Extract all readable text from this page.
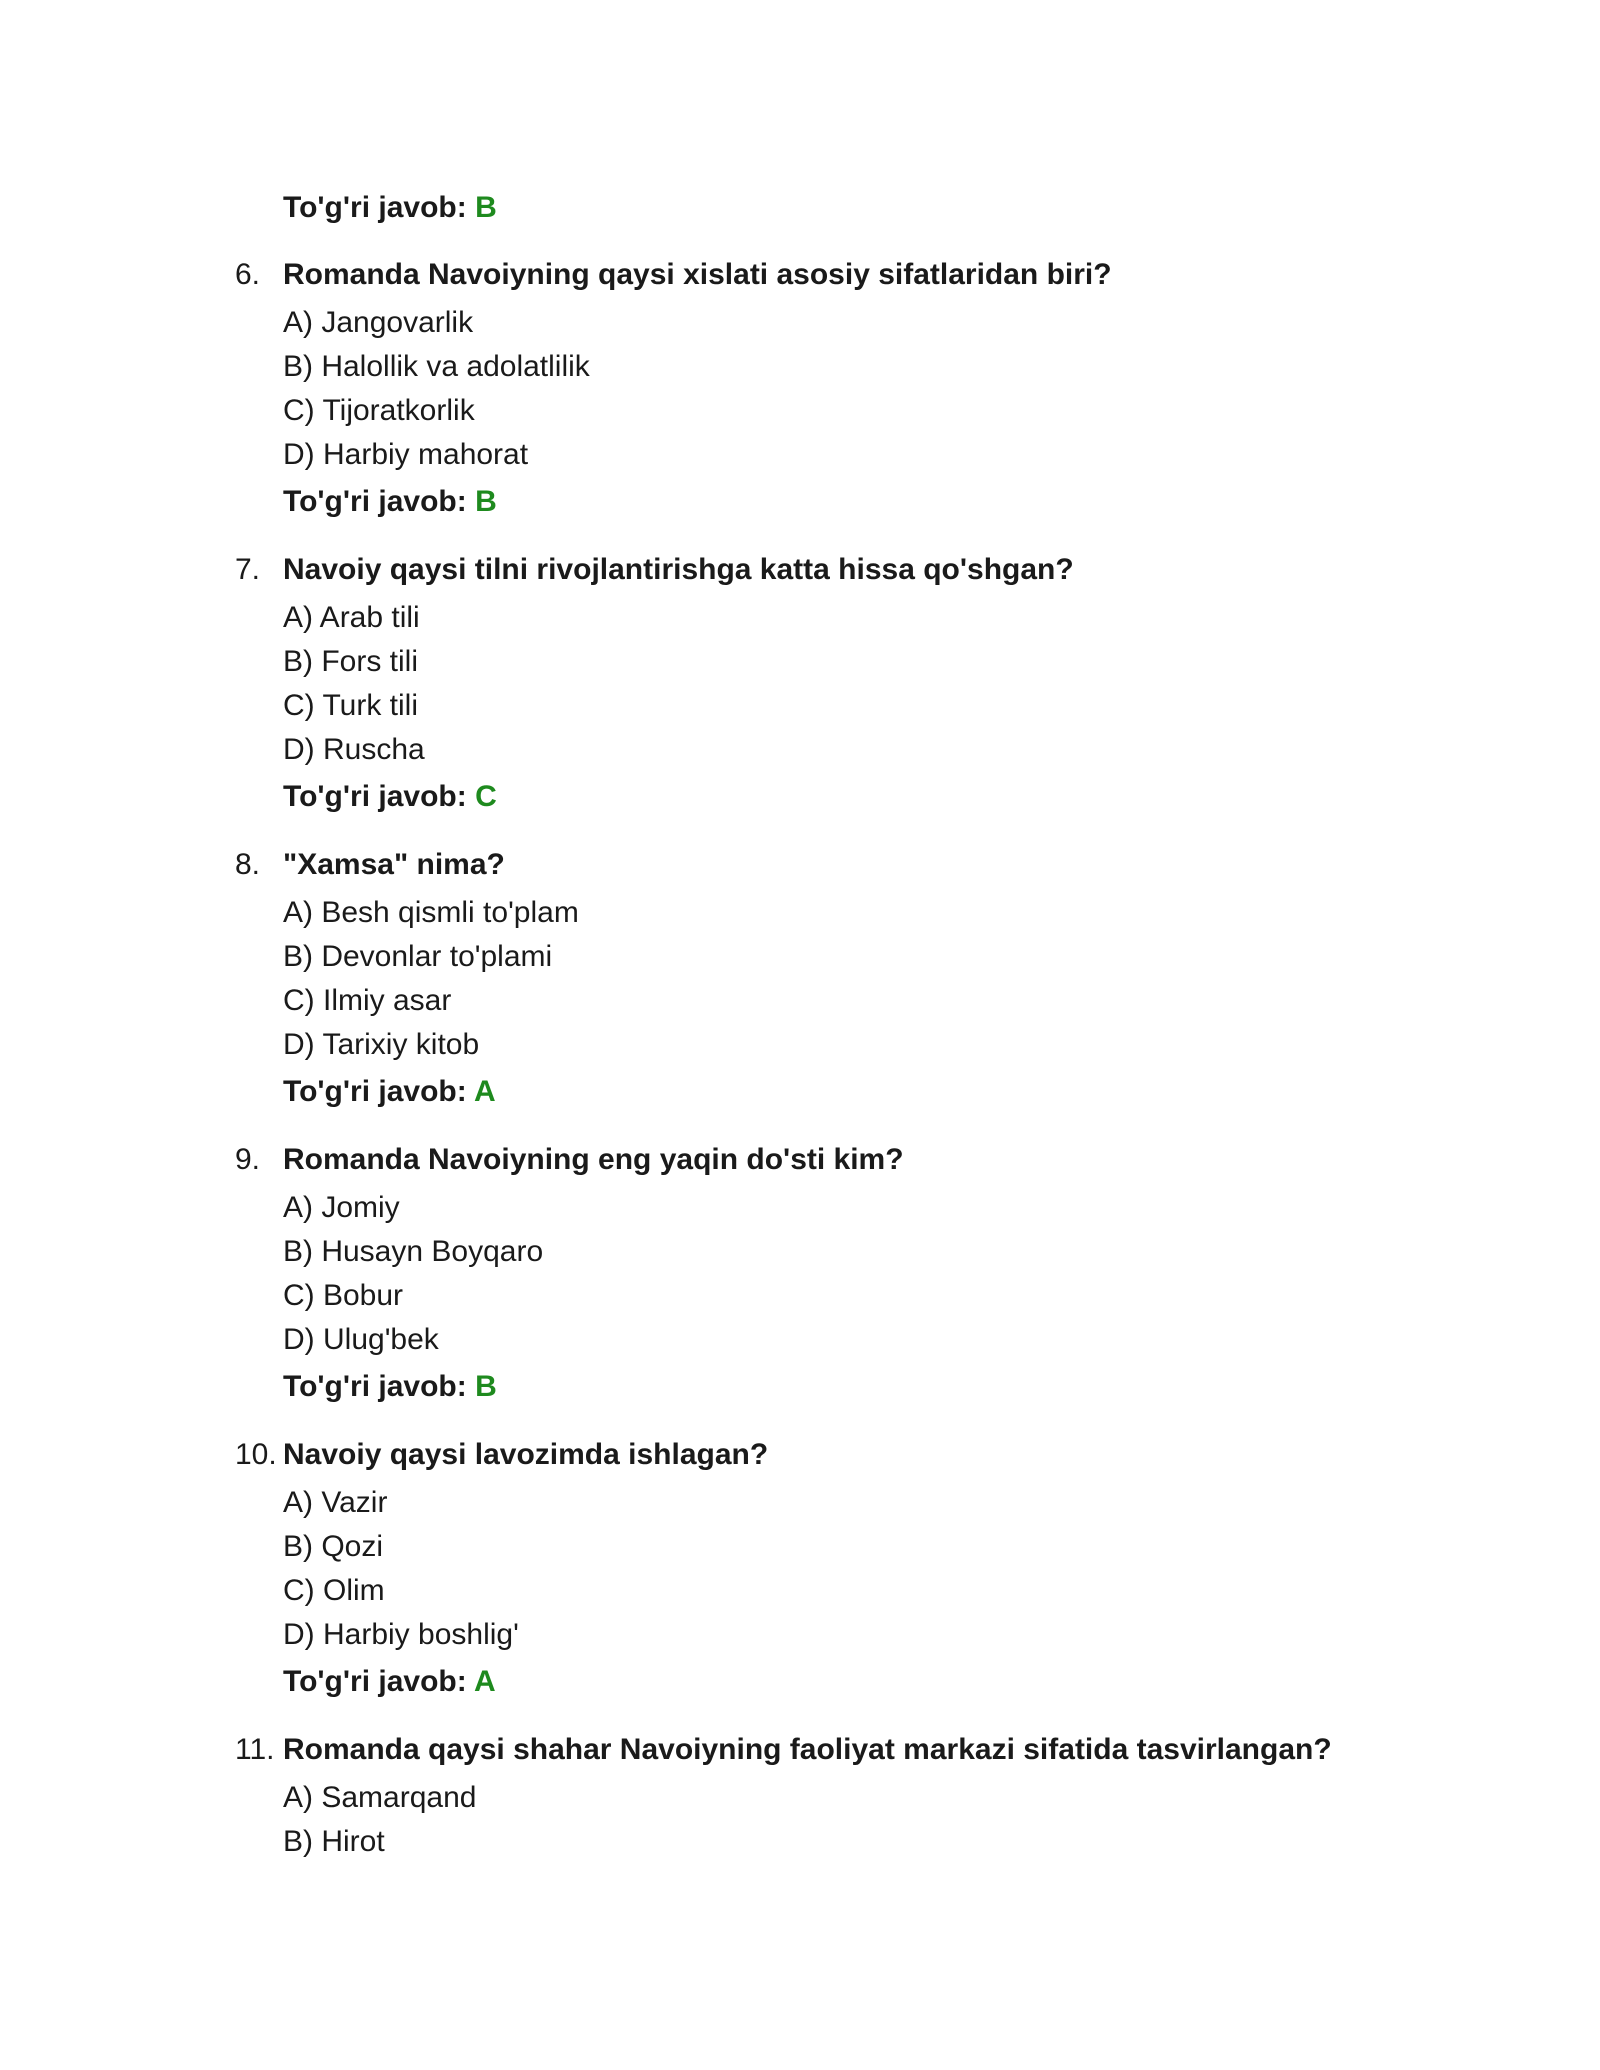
To'g'ri javob: B
6. Romanda Navoiyning qaysi xislati asosiy sifatlaridan biri?
A) Jangovarlik
B) Halollik va adolatlilik
C) Tijoratkorlik
D) Harbiy mahorat
To'g'ri javob: B
7. Navoiy qaysi tilni rivojlantirishga katta hissa qo'shgan?
A) Arab tili
B) Fors tili
C) Turk tili
D) Ruscha
To'g'ri javob: C
8. "Xamsa" nima?
A) Besh qismli to'plam
B) Devonlar to'plami
C) Ilmiy asar
D) Tarixiy kitob
To'g'ri javob: A
9. Romanda Navoiyning eng yaqin do'sti kim?
A) Jomiy
B) Husayn Boyqaro
C) Bobur
D) Ulug'bek
To'g'ri javob: B
10. Navoiy qaysi lavozimda ishlagan?
A) Vazir
B) Qozi
C) Olim
D) Harbiy boshlig'
To'g'ri javob: A
11. Romanda qaysi shahar Navoiyning faoliyat markazi sifatida tasvirlangan?
A) Samarqand
B) Hirot
